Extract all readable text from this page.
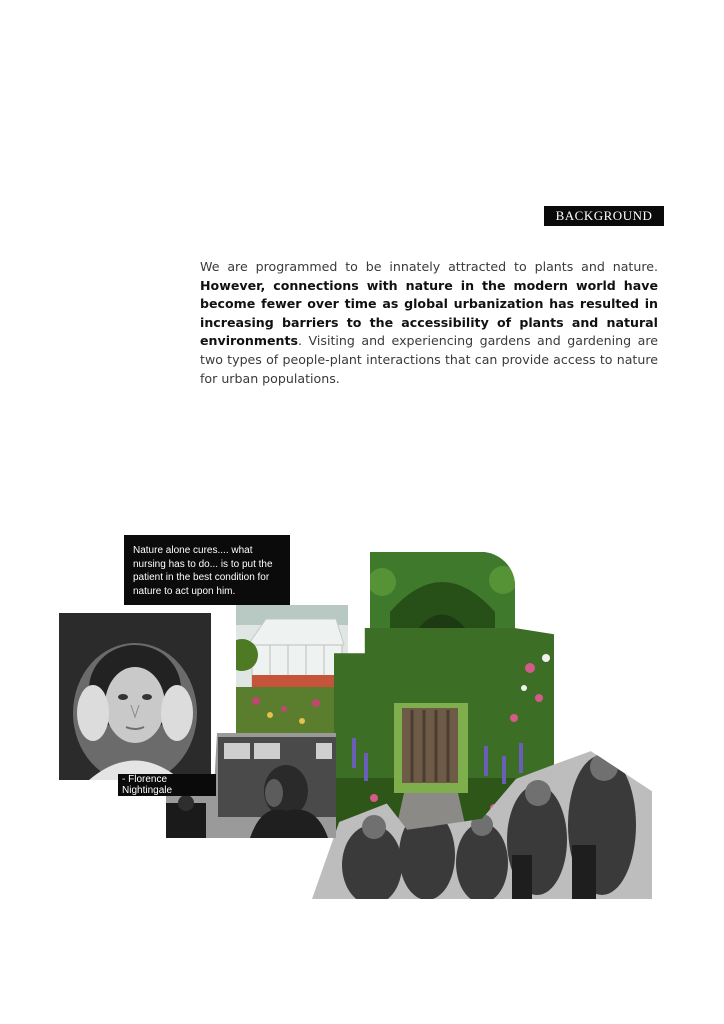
BACKGROUND
We are programmed to be innately attracted to plants and nature. However, connections with nature in the modern world have become fewer over time as global urbanization has resulted in increasing barriers to the accessibility of plants and natural environments. Visiting and experiencing gardens and gardening are two types of people-plant interactions that can provide access to nature for urban populations.
Nature alone cures.... what nursing has to do... is to put the patient in the best condition for nature to act upon him.
- Florence Nightingale
